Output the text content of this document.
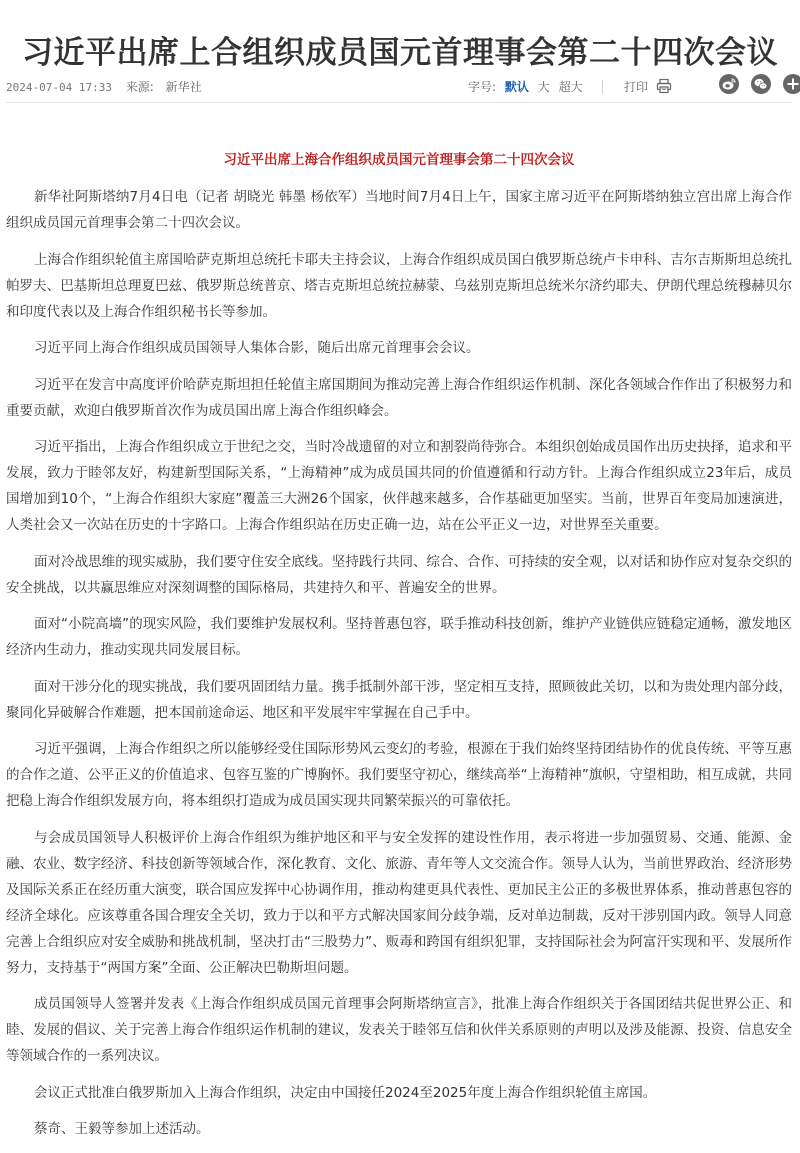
习近平出席上合组织成员国元首理事会第二十四次会议
2024-07-04 17:33 来源: 新华社	字号: 默认 大 超大	打印

习近平出席上海合作组织成员国元首理事会第二十四次会议

新华社阿斯塔纳7月4日电（记者 胡晓光 韩墨 杨依军）当地时间7月4日上午，国家主席习近平在阿斯塔纳独立宫出席上海合作组织成员国元首理事会第二十四次会议。

上海合作组织轮值主席国哈萨克斯坦总统托卡耶夫主持会议，上海合作组织成员国白俄罗斯总统卢卡申科、吉尔吉斯斯坦总统扎帕罗夫、巴基斯坦总理夏巴兹、俄罗斯总统普京、塔吉克斯坦总统拉赫蒙、乌兹别克斯坦总统米尔济约耶夫、伊朗代理总统穆赫贝尔和印度代表以及上海合作组织秘书长等参加。

习近平同上海合作组织成员国领导人集体合影，随后出席元首理事会会议。

习近平在发言中高度评价哈萨克斯坦担任轮值主席国期间为推动完善上海合作组织运作机制、深化各领域合作作出了积极努力和重要贡献，欢迎白俄罗斯首次作为成员国出席上海合作组织峰会。

习近平指出，上海合作组织成立于世纪之交，当时冷战遗留的对立和割裂尚待弥合。本组织创始成员国作出历史抉择，追求和平发展，致力于睦邻友好，构建新型国际关系，“上海精神”成为成员国共同的价值遵循和行动方针。上海合作组织成立23年后，成员国增加到10个，“上海合作组织大家庭”覆盖三大洲26个国家，伙伴越来越多，合作基础更加坚实。当前，世界百年变局加速演进，人类社会又一次站在历史的十字路口。上海合作组织站在历史正确一边，站在公平正义一边，对世界至关重要。

面对冷战思维的现实威胁，我们要守住安全底线。坚持践行共同、综合、合作、可持续的安全观，以对话和协作应对复杂交织的安全挑战，以共赢思维应对深刻调整的国际格局，共建持久和平、普遍安全的世界。

面对“小院高墙”的现实风险，我们要维护发展权利。坚持普惠包容，联手推动科技创新，维护产业链供应链稳定通畅，激发地区经济内生动力，推动实现共同发展目标。

面对干涉分化的现实挑战，我们要巩固团结力量。携手抵制外部干涉，坚定相互支持，照顾彼此关切，以和为贵处理内部分歧，聚同化异破解合作难题，把本国前途命运、地区和平发展牢牢掌握在自己手中。

习近平强调，上海合作组织之所以能够经受住国际形势风云变幻的考验，根源在于我们始终坚持团结协作的优良传统、平等互惠的合作之道、公平正义的价值追求、包容互鉴的广博胸怀。我们要坚守初心，继续高举“上海精神”旗帜，守望相助，相互成就，共同把稳上海合作组织发展方向，将本组织打造成为成员国实现共同繁荣振兴的可靠依托。

与会成员国领导人积极评价上海合作组织为维护地区和平与安全发挥的建设性作用，表示将进一步加强贸易、交通、能源、金融、农业、数字经济、科技创新等领域合作，深化教育、文化、旅游、青年等人文交流合作。领导人认为，当前世界政治、经济形势及国际关系正在经历重大演变，联合国应发挥中心协调作用，推动构建更具代表性、更加民主公正的多极世界体系，推动普惠包容的经济全球化。应该尊重各国合理安全关切，致力于以和平方式解决国家间分歧争端，反对单边制裁，反对干涉别国内政。领导人同意完善上合组织应对安全威胁和挑战机制，坚决打击“三股势力”、贩毒和跨国有组织犯罪，支持国际社会为阿富汗实现和平、发展所作努力，支持基于“两国方案”全面、公正解决巴勒斯坦问题。

成员国领导人签署并发表《上海合作组织成员国元首理事会阿斯塔纳宣言》，批准上海合作组织关于各国团结共促世界公正、和睦、发展的倡议、关于完善上海合作组织运作机制的建议，发表关于睦邻互信和伙伴关系原则的声明以及涉及能源、投资、信息安全等领域合作的一系列决议。

会议正式批准白俄罗斯加入上海合作组织，决定由中国接任2024至2025年度上海合作组织轮值主席国。

蔡奇、王毅等参加上述活动。
